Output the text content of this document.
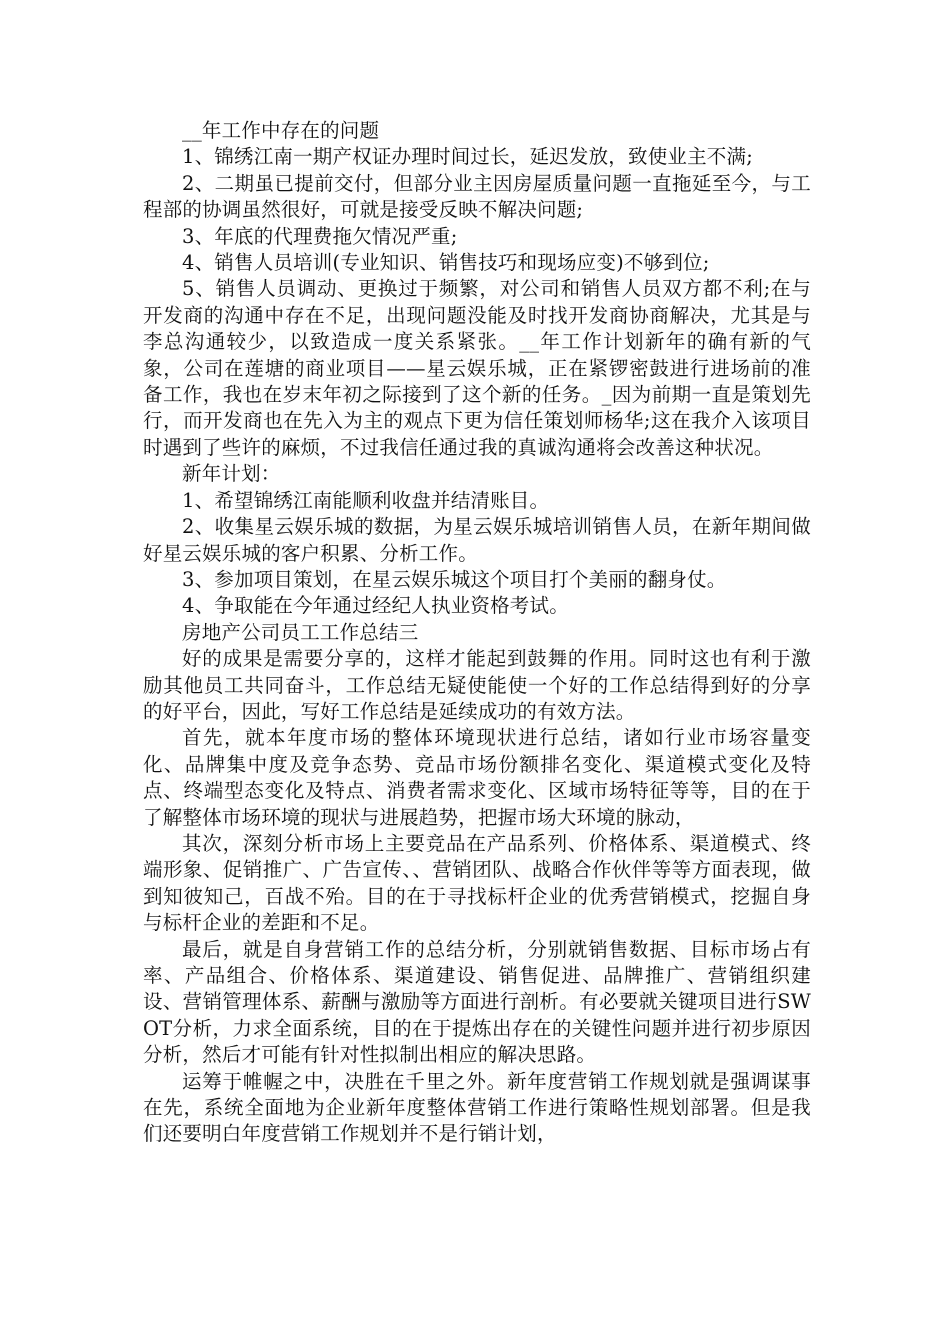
__年工作中存在的问题

1、锦绣江南一期产权证办理时间过长，延迟发放，致使业主不满;

2、二期虽已提前交付，但部分业主因房屋质量问题一直拖延至今，与工程部的协调虽然很好，可就是接受反映不解决问题;

3、年底的代理费拖欠情况严重;

4、销售人员培训(专业知识、销售技巧和现场应变)不够到位;

5、销售人员调动、更换过于频繁，对公司和销售人员双方都不利;在与开发商的沟通中存在不足，出现问题没能及时找开发商协商解决，尤其是与李总沟通较少，以致造成一度关系紧张。__年工作计划新年的确有新的气象，公司在莲塘的商业项目——星云娱乐城，正在紧锣密鼓进行进场前的准备工作，我也在岁末年初之际接到了这个新的任务。_因为前期一直是策划先行，而开发商也在先入为主的观点下更为信任策划师杨华;这在我介入该项目时遇到了些许的麻烦，不过我信任通过我的真诚沟通将会改善这种状况。

新年计划：

1、希望锦绣江南能顺利收盘并结清账目。

2、收集星云娱乐城的数据，为星云娱乐城培训销售人员，在新年期间做好星云娱乐城的客户积累、分析工作。

3、参加项目策划，在星云娱乐城这个项目打个美丽的翻身仗。

4、争取能在今年通过经纪人执业资格考试。

房地产公司员工工作总结三

好的成果是需要分享的，这样才能起到鼓舞的作用。同时这也有利于激励其他员工共同奋斗，工作总结无疑使能使一个好的工作总结得到好的分享的好平台，因此，写好工作总结是延续成功的有效方法。

首先，就本年度市场的整体环境现状进行总结，诸如行业市场容量变化、品牌集中度及竞争态势、竞品市场份额排名变化、渠道模式变化及特点、终端型态变化及特点、消费者需求变化、区域市场特征等等，目的在于了解整体市场环境的现状与进展趋势，把握市场大环境的脉动，

其次，深刻分析市场上主要竞品在产品系列、价格体系、渠道模式、终端形象、促销推广、广告宣传、、营销团队、战略合作伙伴等等方面表现，做到知彼知己，百战不殆。目的在于寻找标杆企业的优秀营销模式，挖掘自身与标杆企业的差距和不足。

最后，就是自身营销工作的总结分析，分别就销售数据、目标市场占有率、产品组合、价格体系、渠道建设、销售促进、品牌推广、营销组织建设、营销管理体系、薪酬与激励等方面进行剖析。有必要就关键项目进行SWOT分析，力求全面系统，目的在于提炼出存在的关键性问题并进行初步原因分析，然后才可能有针对性拟制出相应的解决思路。

运筹于帷幄之中，决胜在千里之外。新年度营销工作规划就是强调谋事在先，系统全面地为企业新年度整体营销工作进行策略性规划部署。但是我们还要明白年度营销工作规划并不是行销计划，
